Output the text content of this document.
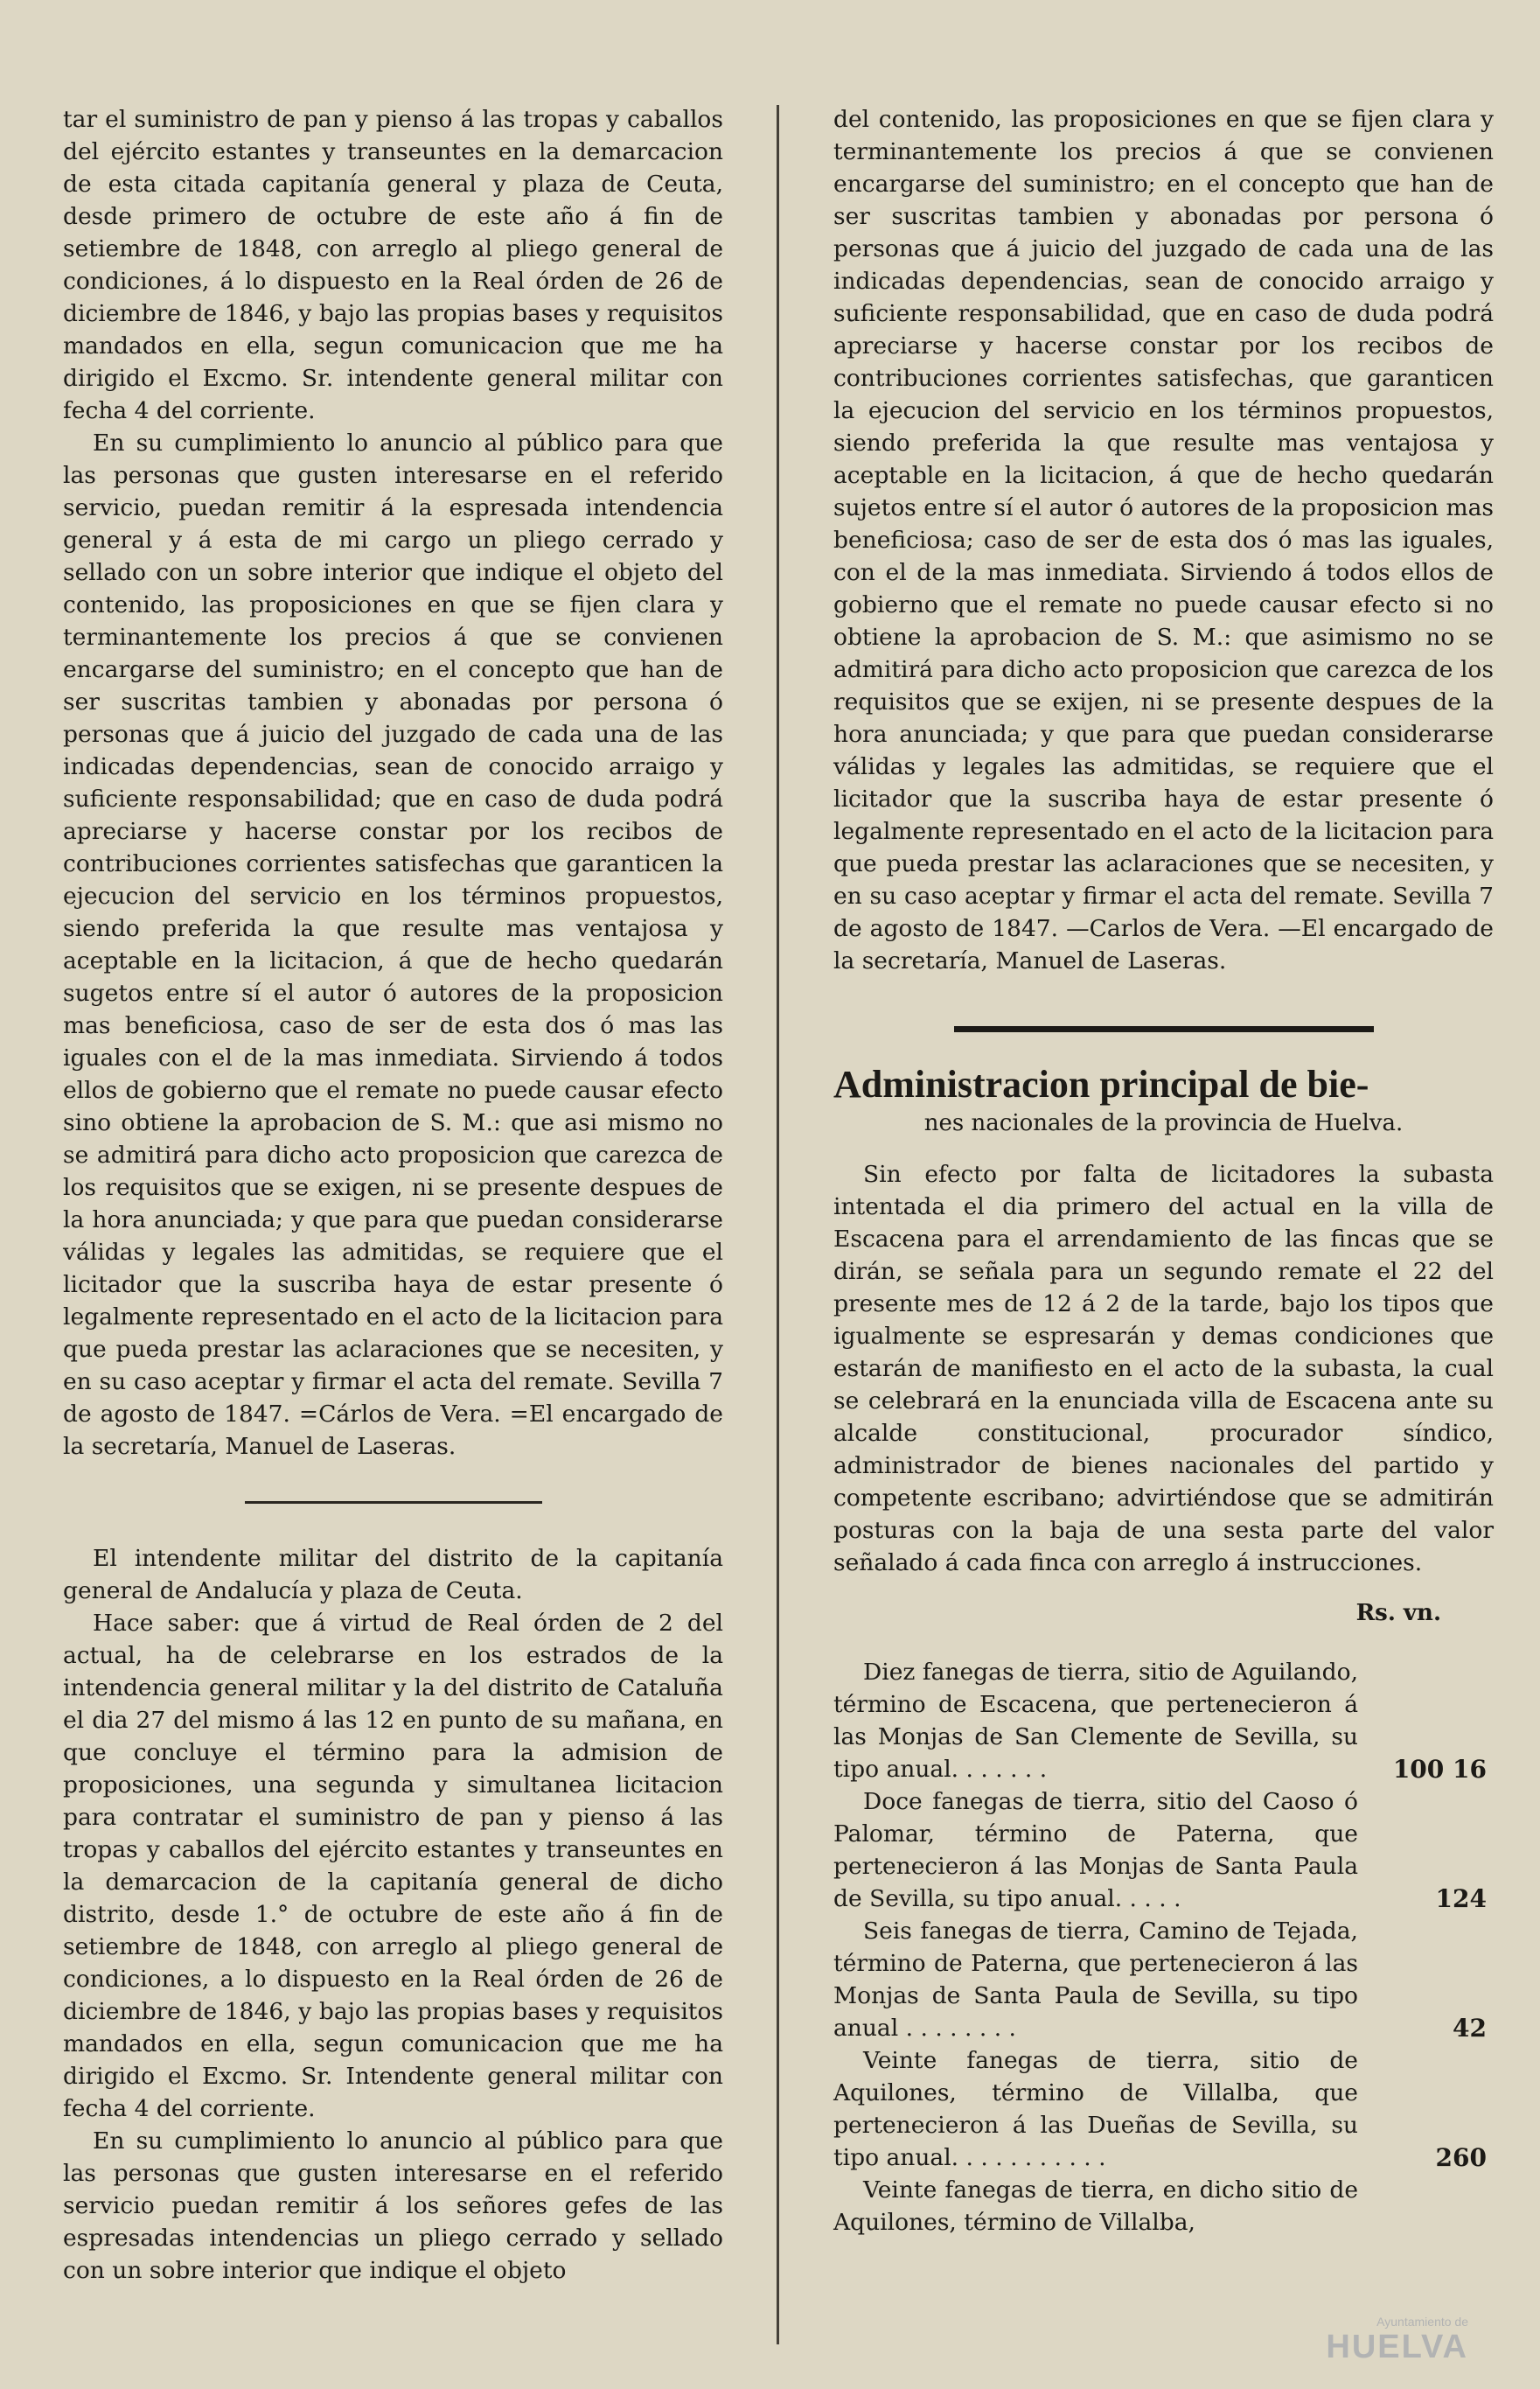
tar el suministro de pan y pienso á las tropas y caballos del ejército estantes y transeuntes en la demarcacion de esta citada capitanía general y plaza de Ceuta, desde primero de octubre de este año á fin de setiembre de 1848, con arreglo al pliego general de condiciones, á lo dispuesto en la Real órden de 26 de diciembre de 1846, y bajo las propias bases y requisitos mandados en ella, segun comunicacion que me ha dirigido el Excmo. Sr. intendente general militar con fecha 4 del corriente.

En su cumplimiento lo anuncio al público para que las personas que gusten interesarse en el referido servicio, puedan remitir á la espresada intendencia general y á esta de mi cargo un pliego cerrado y sellado con un sobre interior que indique el objeto del contenido, las proposiciones en que se fijen clara y terminantemente los precios á que se convienen encargarse del suministro; en el concepto que han de ser suscritas tambien y abonadas por persona ó personas que á juicio del juzgado de cada una de las indicadas dependencias, sean de conocido arraigo y suficiente responsabilidad; que en caso de duda podrá apreciarse y hacerse constar por los recibos de contribuciones corrientes satisfechas que garanticen la ejecucion del servicio en los términos propuestos, siendo preferida la que resulte mas ventajosa y aceptable en la licitacion, á que de hecho quedarán sugetos entre sí el autor ó autores de la proposicion mas beneficiosa, caso de ser de esta dos ó mas las iguales con el de la mas inmediata. Sirviendo á todos ellos de gobierno que el remate no puede causar efecto sino obtiene la aprobacion de S. M.: que asi mismo no se admitirá para dicho acto proposicion que carezca de los requisitos que se exigen, ni se presente despues de la hora anunciada; y que para que puedan considerarse válidas y legales las admitidas, se requiere que el licitador que la suscriba haya de estar presente ó legalmente representado en el acto de la licitacion para que pueda prestar las aclaraciones que se necesiten, y en su caso aceptar y firmar el acta del remate. Sevilla 7 de agosto de 1847. =Cárlos de Vera. =El encargado de la secretaría, Manuel de Laseras.

El intendente militar del distrito de la capitanía general de Andalucía y plaza de Ceuta.

Hace saber: que á virtud de Real órden de 2 del actual, ha de celebrarse en los estrados de la intendencia general militar y la del distrito de Cataluña el dia 27 del mismo á las 12 en punto de su mañana, en que concluye el término para la admision de proposiciones, una segunda y simultanea licitacion para contratar el suministro de pan y pienso á las tropas y caballos del ejército estantes y transeuntes en la demarcacion de la capitanía general de dicho distrito, desde 1.° de octubre de este año á fin de setiembre de 1848, con arreglo al pliego general de condiciones, a lo dispuesto en la Real órden de 26 de diciembre de 1846, y bajo las propias bases y requisitos mandados en ella, segun comunicacion que me ha dirigido el Excmo. Sr. Intendente general militar con fecha 4 del corriente.

En su cumplimiento lo anuncio al público para que las personas que gusten interesarse en el referido servicio puedan remitir á los señores gefes de las espresadas intendencias un pliego cerrado y sellado con un sobre interior que indique el objeto

del contenido, las proposiciones en que se fijen clara y terminantemente los precios á que se convienen encargarse del suministro; en el concepto que han de ser suscritas tambien y abonadas por persona ó personas que á juicio del juzgado de cada una de las indicadas dependencias, sean de conocido arraigo y suficiente responsabilidad, que en caso de duda podrá apreciarse y hacerse constar por los recibos de contribuciones corrientes satisfechas, que garanticen la ejecucion del servicio en los términos propuestos, siendo preferida la que resulte mas ventajosa y aceptable en la licitacion, á que de hecho quedarán sujetos entre sí el autor ó autores de la proposicion mas beneficiosa; caso de ser de esta dos ó mas las iguales, con el de la mas inmediata. Sirviendo á todos ellos de gobierno que el remate no puede causar efecto si no obtiene la aprobacion de S. M.: que asimismo no se admitirá para dicho acto proposicion que carezca de los requisitos que se exijen, ni se presente despues de la hora anunciada; y que para que puedan considerarse válidas y legales las admitidas, se requiere que el licitador que la suscriba haya de estar presente ó legalmente representado en el acto de la licitacion para que pueda prestar las aclaraciones que se necesiten, y en su caso aceptar y firmar el acta del remate. Sevilla 7 de agosto de 1847. —Carlos de Vera. —El encargado de la secretaría, Manuel de Laseras.

Administracion principal de bie-
nes nacionales de la provincia de Huelva.

Sin efecto por falta de licitadores la subasta intentada el dia primero del actual en la villa de Escacena para el arrendamiento de las fincas que se dirán, se señala para un segundo remate el 22 del presente mes de 12 á 2 de la tarde, bajo los tipos que igualmente se espresarán y demas condiciones que estarán de manifiesto en el acto de la subasta, la cual se celebrará en la enunciada villa de Escacena ante su alcalde constitucional, procurador síndico, administrador de bienes nacionales del partido y competente escribano; advirtiéndose que se admitirán posturas con la baja de una sesta parte del valor señalado á cada finca con arreglo á instrucciones.

Rs. vn.
Diez fanegas de tierra, sitio de Aguilando, término de Escacena, que pertenecieron á las Monjas de San Clemente de Sevilla, su tipo anual. . . . . . .	100 16
Doce fanegas de tierra, sitio del Caoso ó Palomar, término de Paterna, que pertenecieron á las Monjas de Santa Paula de Sevilla, su tipo anual. . . . .	124
Seis fanegas de tierra, Camino de Tejada, término de Paterna, que pertenecieron á las Monjas de Santa Paula de Sevilla, su tipo anual . . . . . . . .	42
Veinte fanegas de tierra, sitio de Aquilones, término de Villalba, que pertenecieron á las Dueñas de Sevilla, su tipo anual. . . . . . . . . . .	260
Veinte fanegas de tierra, en dicho sitio de Aquilones, término de Villalba,
Ayuntamiento de
HUELVA
